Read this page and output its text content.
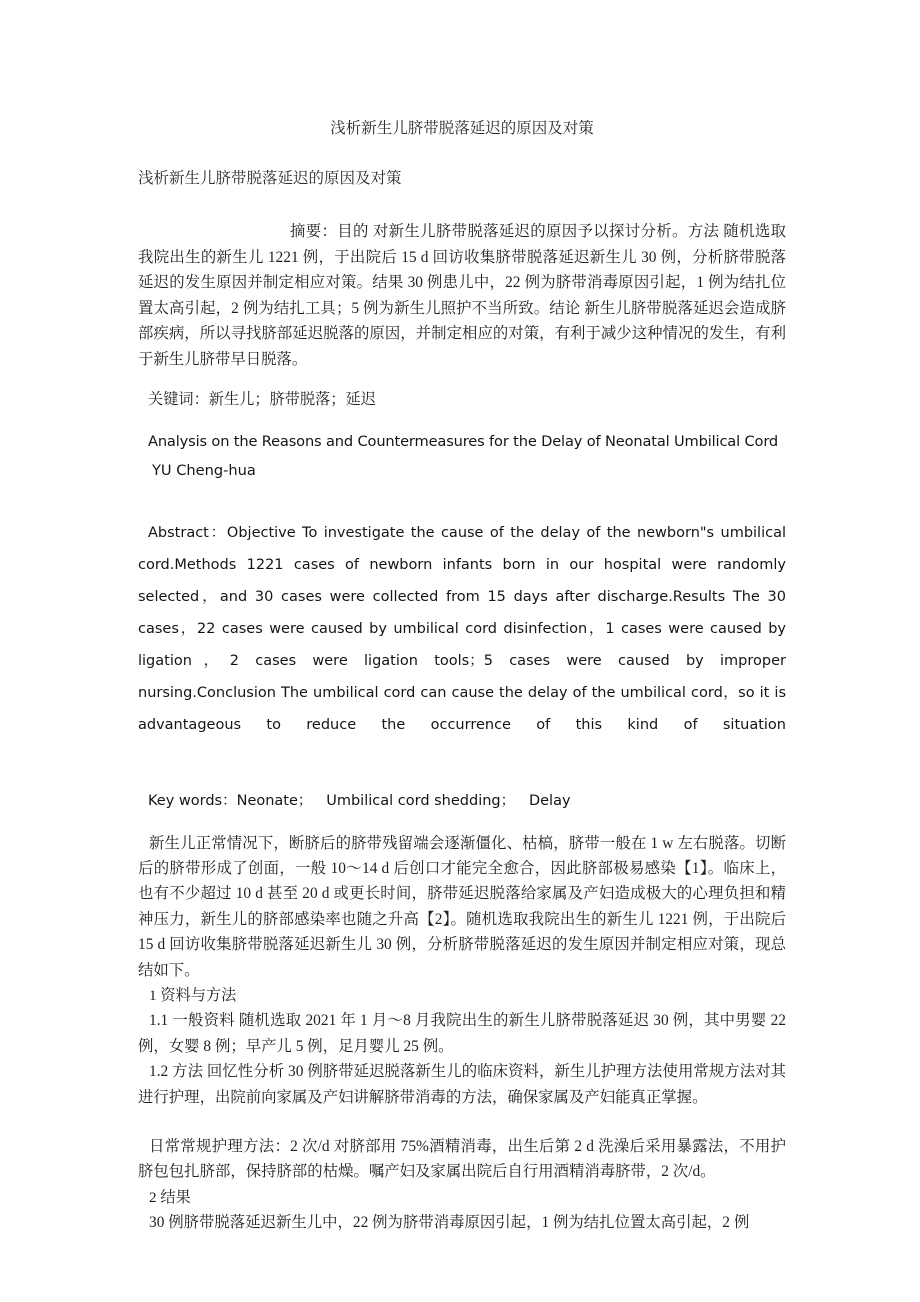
浅析新生儿脐带脱落延迟的原因及对策
浅析新生儿脐带脱落延迟的原因及对策

摘要：目的 对新生儿脐带脱落延迟的原因予以探讨分析。方法 随机选取我院出生的新生儿 1221 例，于出院后 15 d 回访收集脐带脱落延迟新生儿 30 例，分析脐带脱落延迟的发生原因并制定相应对策。结果 30 例患儿中，22 例为脐带消毒原因引起，1 例为结扎位置太高引起，2 例为结扎工具；5 例为新生儿照护不当所致。结论 新生儿脐带脱落延迟会造成脐部疾病，所以寻找脐部延迟脱落的原因，并制定相应的对策，有利于减少这种情况的发生，有利于新生儿脐带早日脱落。

关键词：新生儿；脐带脱落；延迟

Analysis on the Reasons and Countermeasures for the Delay of Neonatal Umbilical Cord
YU Cheng-hua

Abstract：Objective To investigate the cause of the delay of the newborn"s umbilical cord.Methods 1221 cases of newborn infants born in our hospital were randomly selected，and 30 cases were collected from 15 days after discharge.Results The 30 cases，22 cases were caused by umbilical cord disinfection，1 cases were caused by ligation，2 cases were ligation tools；5 cases were caused by improper nursing.Conclusion The umbilical cord can cause the delay of the umbilical cord，so it is advantageous to reduce the occurrence of this kind of situation

Key words：Neonate；   Umbilical cord shedding；   Delay

新生儿正常情况下，断脐后的脐带残留端会逐渐僵化、枯槁，脐带一般在 1 w 左右脱落。切断后的脐带形成了创面，一般 10～14 d 后创口才能完全愈合，因此脐部极易感染【1】。临床上，也有不少超过 10 d 甚至 20 d 或更长时间，脐带延迟脱落给家属及产妇造成极大的心理负担和精神压力，新生儿的脐部感染率也随之升高【2】。随机选取我院出生的新生儿 1221 例，于出院后 15 d 回访收集脐带脱落延迟新生儿 30 例，分析脐带脱落延迟的发生原因并制定相应对策，现总结如下。

1 资料与方法

1.1 一般资料 随机选取 2021 年 1 月～8 月我院出生的新生儿脐带脱落延迟 30 例，其中男婴 22 例，女婴 8 例；早产儿 5 例，足月婴儿 25 例。

1.2 方法 回忆性分析 30 例脐带延迟脱落新生儿的临床资料，新生儿护理方法使用常规方法对其进行护理，出院前向家属及产妇讲解脐带消毒的方法，确保家属及产妇能真正掌握。

日常常规护理方法：2 次/d 对脐部用 75%酒精消毒，出生后第 2 d 洗澡后采用暴露法，不用护脐包包扎脐部，保持脐部的枯燥。嘱产妇及家属出院后自行用酒精消毒脐带，2 次/d。

2 结果

30 例脐带脱落延迟新生儿中，22 例为脐带消毒原因引起，1 例为结扎位置太高引起，2 例
